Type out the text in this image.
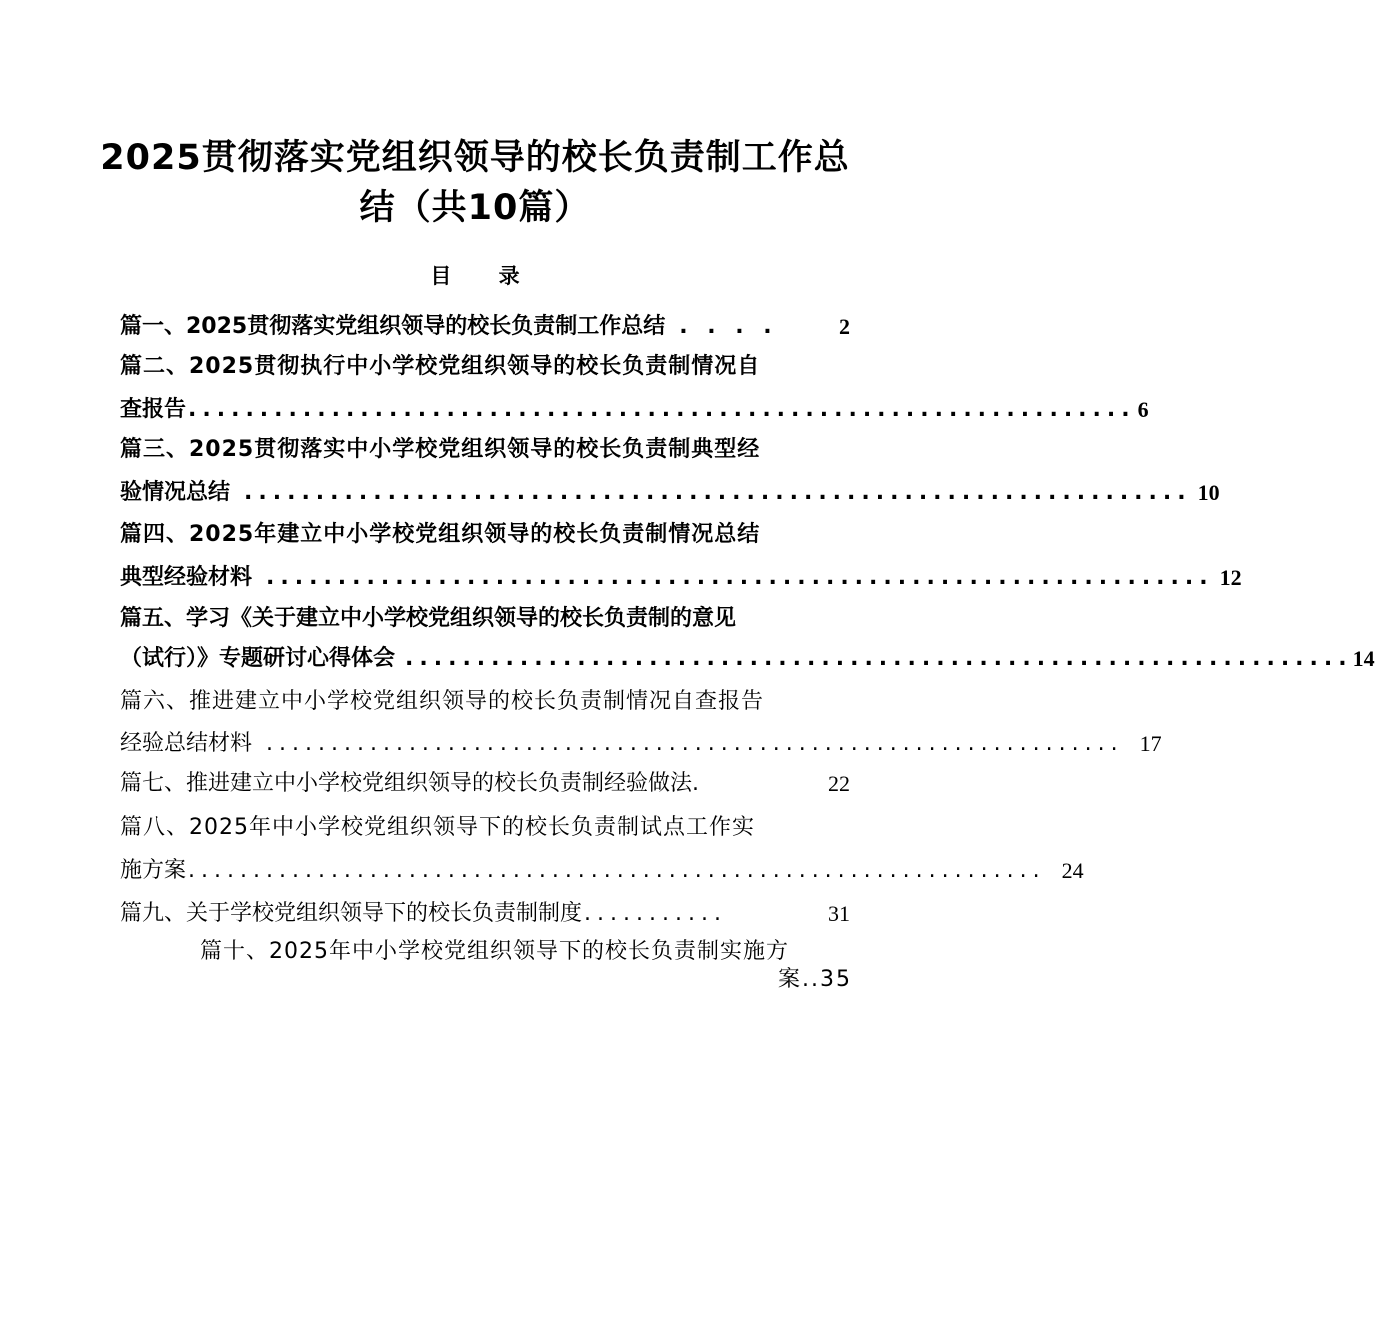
2025贯彻落实党组织领导的校长负责制工作总
结（共10篇）
目 录
篇一、2025贯彻落实党组织领导的校长负责制工作总结 . . . .	2
篇二、2025贯彻执行中小学校党组织领导的校长负责制情况自
查报告 .................................................................. 6
篇三、2025贯彻落实中小学校党组织领导的校长负责制典型经
验情况总结 .................................................................. 10
篇四、2025年建立中小学校党组织领导的校长负责制情况总结
典型经验材料 .................................................................. 12
篇五、学习《关于建立中小学校党组织领导的校长负责制的意见
（试行）》专题研讨心得体会 .................................................................. 14
篇六、推进建立中小学校党组织领导的校长负责制情况自查报告
经验总结材料 .................................................................. 17
篇七、推进建立中小学校党组织领导的校长负责制经验做法 .	22
篇八、2025年中小学校党组织领导下的校长负责制试点工作实
施方案 .................................................................. 24
篇九、关于学校党组织领导下的校长负责制制度 ...........	31
篇十、2025年中小学校党组织领导下的校长负责制实施方
案..35
